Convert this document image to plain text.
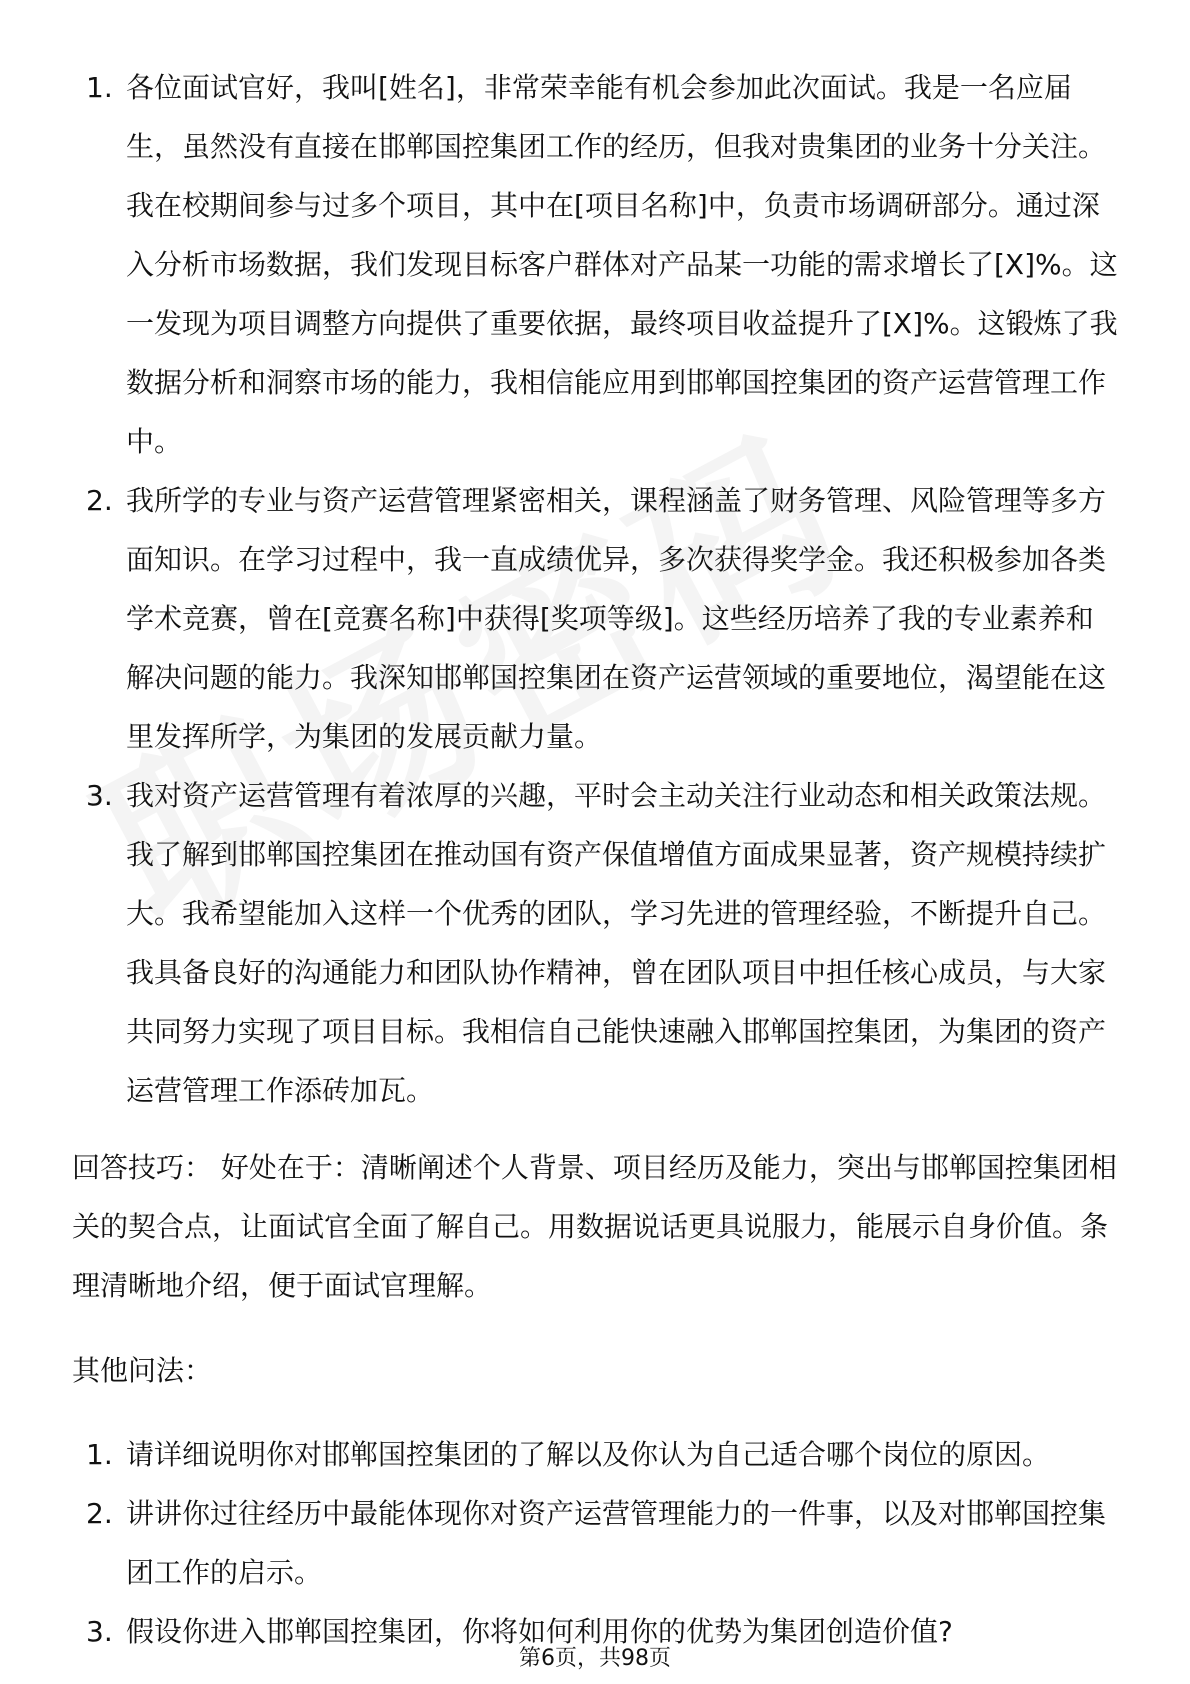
各位面试官好，我叫[姓名]，非常荣幸能有机会参加此次面试。我是一名应届生，虽然没有直接在邯郸国控集团工作的经历，但我对贵集团的业务十分关注。我在校期间参与过多个项目，其中在[项目名称]中，负责市场调研部分。通过深入分析市场数据，我们发现目标客户群体对产品某一功能的需求增长了[X]%。这一发现为项目调整方向提供了重要依据，最终项目收益提升了[X]%。这锻炼了我数据分析和洞察市场的能力，我相信能应用到邯郸国控集团的资产运营管理工作中。
我所学的专业与资产运营管理紧密相关，课程涵盖了财务管理、风险管理等多方面知识。在学习过程中，我一直成绩优异，多次获得奖学金。我还积极参加各类学术竞赛，曾在[竞赛名称]中获得[奖项等级]。这些经历培养了我的专业素养和解决问题的能力。我深知邯郸国控集团在资产运营领域的重要地位，渴望能在这里发挥所学，为集团的发展贡献力量。
我对资产运营管理有着浓厚的兴趣，平时会主动关注行业动态和相关政策法规。我了解到邯郸国控集团在推动国有资产保值增值方面成果显著，资产规模持续扩大。我希望能加入这样一个优秀的团队，学习先进的管理经验，不断提升自己。我具备良好的沟通能力和团队协作精神，曾在团队项目中担任核心成员，与大家共同努力实现了项目目标。我相信自己能快速融入邯郸国控集团，为集团的资产运营管理工作添砖加瓦。
回答技巧： 好处在于：清晰阐述个人背景、项目经历及能力，突出与邯郸国控集团相关的契合点，让面试官全面了解自己。用数据说话更具说服力，能展示自身价值。条理清晰地介绍，便于面试官理解。
其他问法：
请详细说明你对邯郸国控集团的了解以及你认为自己适合哪个岗位的原因。
讲讲你过往经历中最能体现你对资产运营管理能力的一件事，以及对邯郸国控集团工作的启示。
假设你进入邯郸国控集团，你将如何利用你的优势为集团创造价值?
第6页，共98页
